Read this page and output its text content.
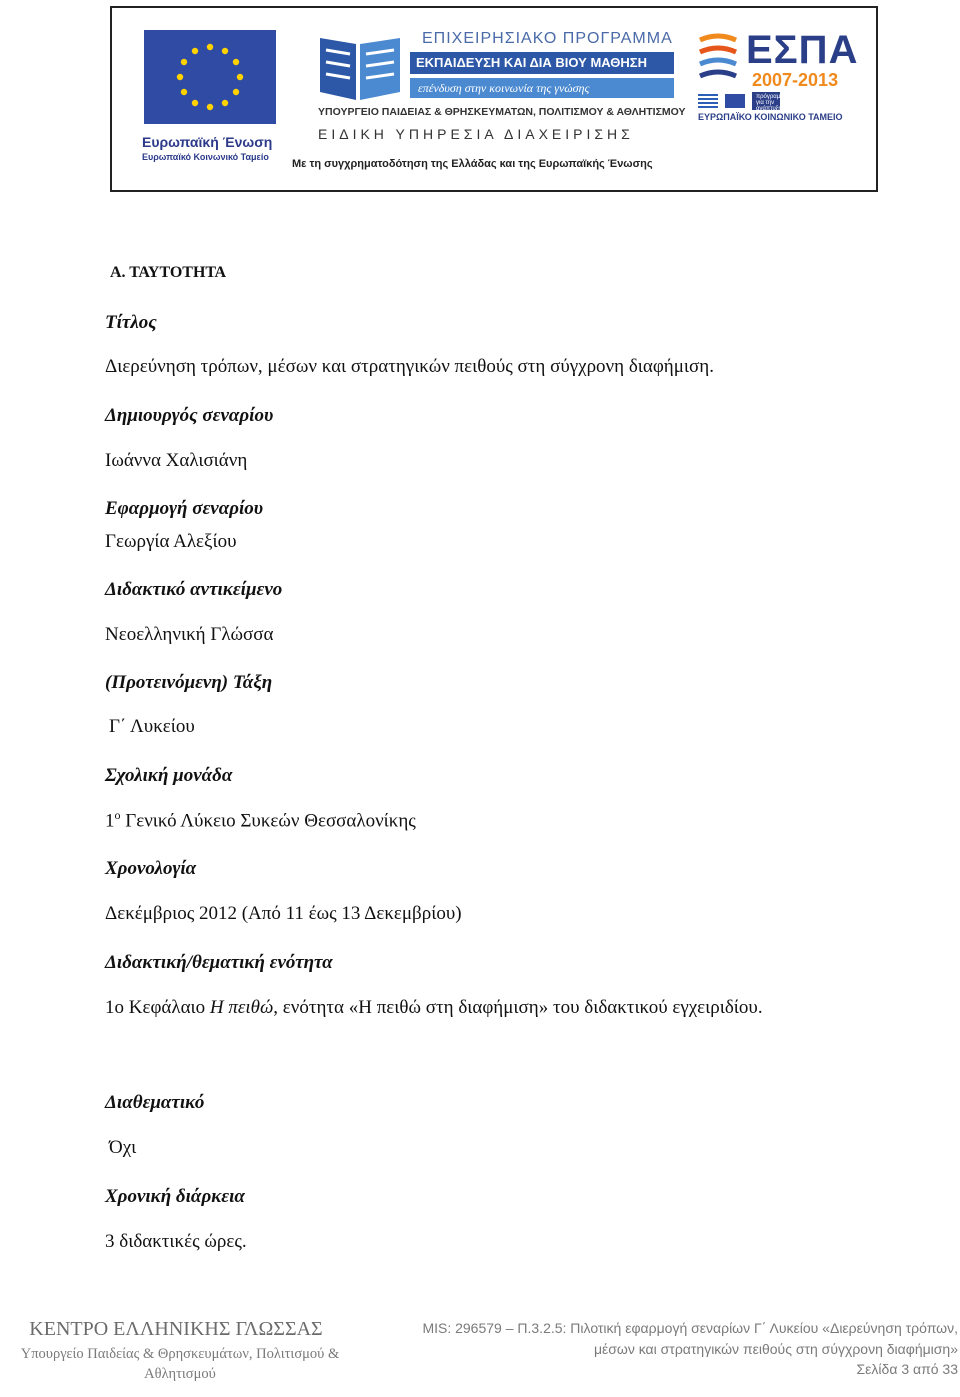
Ευρωπαϊκή Ένωση
Ευρωπαϊκό Κοινωνικό Ταμείο
ΕΠΙΧΕΙΡΗΣΙΑΚΟ ΠΡΟΓΡΑΜΜΑ
ΕΚΠΑΙΔΕΥΣΗ ΚΑΙ ΔΙΑ ΒΙΟΥ ΜΑΘΗΣΗ
επένδυση στην κοινωνία της γνώσης
ΥΠΟΥΡΓΕΙΟ ΠΑΙΔΕΙΑΣ & ΘΡΗΣΚΕΥΜΑΤΩΝ, ΠΟΛΙΤΙΣΜΟΥ & ΑΘΛΗΤΙΣΜΟΥ
ΕΙΔΙΚΗ ΥΠΗΡΕΣΙΑ ΔΙΑΧΕΙΡΙΣΗΣ
Με τη συγχρηματοδότηση της Ελλάδας και της Ευρωπαϊκής Ένωσης
ΕΣΠΑ
2007-2013
πρόγραμμα για την ανάπτυξη
ΕΥΡΩΠΑΪΚΟ ΚΟΙΝΩΝΙΚΟ ΤΑΜΕΙΟ
Α. ΤΑΥΤΟΤΗΤΑ
Τίτλος
Διερεύνηση τρόπων, μέσων και στρατηγικών πειθούς στη σύγχρονη διαφήμιση.
Δημιουργός σεναρίου
Ιωάννα Χαλισιάνη
Εφαρμογή σεναρίου
Γεωργία Αλεξίου
Διδακτικό αντικείμενο
Νεοελληνική Γλώσσα
(Προτεινόμενη) Τάξη
Γ΄ Λυκείου
Σχολική μονάδα
$1^o$ Γενικό Λύκειο Συκεών Θεσσαλονίκης
Χρονολογία
Δεκέμβριος 2012 (Από 11 έως 13 Δεκεμβρίου)
Διδακτική/θεματική ενότητα
1ο Κεφάλαιο Η πειθώ, ενότητα «Η πειθώ στη διαφήμιση» του διδακτικού εγχειριδίου.
Διαθεματικό
Όχι
Χρονική διάρκεια
3 διδακτικές ώρες.
ΚΕΝΤΡΟ ΕΛΛΗΝΙΚΗΣ ΓΛΩΣΣΑΣ
Υπουργείο Παιδείας & Θρησκευμάτων, Πολιτισμού & Αθλητισμού
MIS: 296579 – Π.3.2.5: Πιλοτική εφαρμογή σεναρίων Γ΄ Λυκείου «Διερεύνηση τρόπων, μέσων και στρατηγικών πειθούς στη σύγχρονη διαφήμιση»
Σελίδα 3 από 33
